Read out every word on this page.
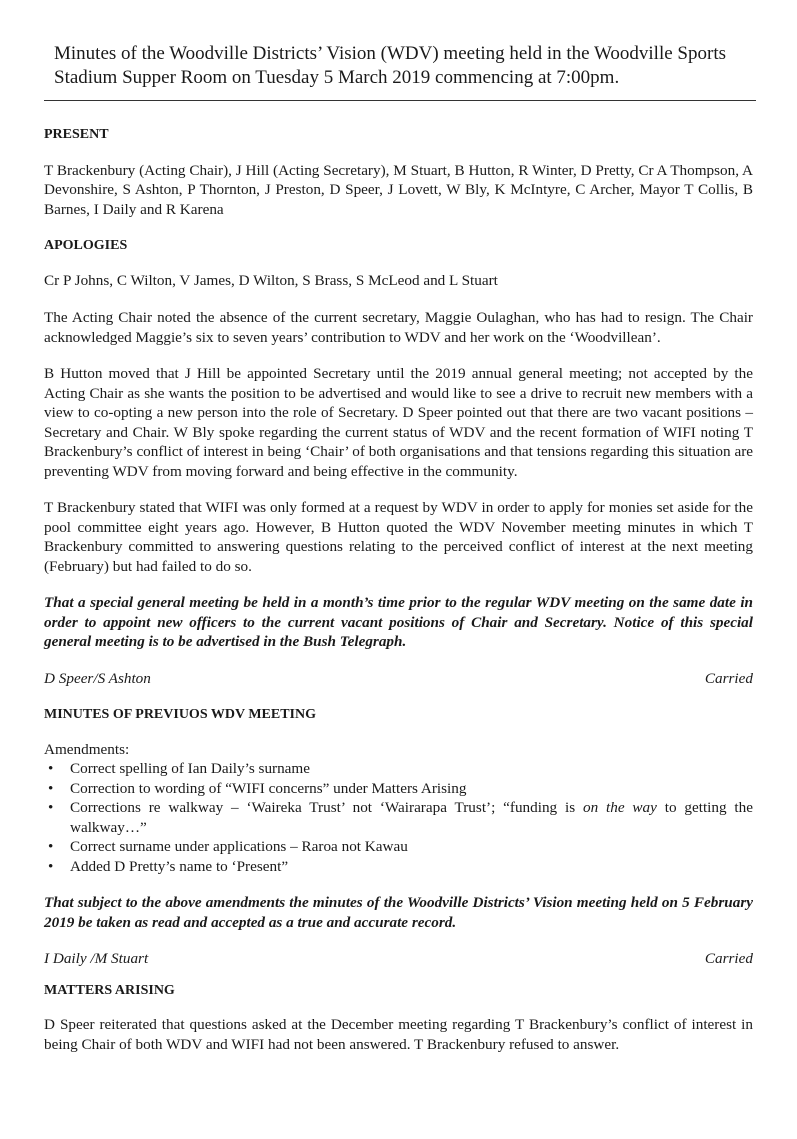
Minutes of the Woodville Districts’ Vision (WDV) meeting held in the Woodville Sports
Stadium Supper Room on Tuesday 5 March 2019 commencing at 7:00pm.

PRESENT

T Brackenbury (Acting Chair), J Hill (Acting Secretary), M Stuart, B Hutton, R Winter, D Pretty, Cr A Thompson, A Devonshire, S Ashton, P Thornton, J Preston, D Speer, J Lovett, W Bly, K McIntyre, C Archer, Mayor T Collis, B Barnes, I Daily and R Karena

APOLOGIES

Cr P Johns, C Wilton, V James, D Wilton, S Brass, S McLeod and L Stuart

The Acting Chair noted the absence of the current secretary, Maggie Oulaghan, who has had to resign. The Chair acknowledged Maggie’s six to seven years’ contribution to WDV and her work on the ‘Woodvillean’.

B Hutton moved that J Hill be appointed Secretary until the 2019 annual general meeting; not accepted by the Acting Chair as she wants the position to be advertised and would like to see a drive to recruit new members with a view to co-opting a new person into the role of Secretary. D Speer pointed out that there are two vacant positions – Secretary and Chair. W Bly spoke regarding the current status of WDV and the recent formation of WIFI noting T Brackenbury’s conflict of interest in being ‘Chair’ of both organisations and that tensions regarding this situation are preventing WDV from moving forward and being effective in the community.

T Brackenbury stated that WIFI was only formed at a request by WDV in order to apply for monies set aside for the pool committee eight years ago. However, B Hutton quoted the WDV November meeting minutes in which T Brackenbury committed to answering questions relating to the perceived conflict of interest at the next meeting (February) but had failed to do so.

That a special general meeting be held in a month’s time prior to the regular WDV meeting on the same date in order to appoint new officers to the current vacant positions of Chair and Secretary. Notice of this special general meeting is to be advertised in the Bush Telegraph.

D Speer/S Ashton	Carried

MINUTES OF PREVIUOS WDV MEETING

Amendments:

• Correct spelling of Ian Daily’s surname
• Correction to wording of “WIFI concerns” under Matters Arising
• Corrections re walkway – ‘Waireka Trust’ not ‘Wairarapa Trust’; “funding is on the way to getting the walkway…”
• Correct surname under applications – Raroa not Kawau
• Added D Pretty’s name to ‘Present”

That subject to the above amendments the minutes of the Woodville Districts’ Vision meeting held on 5 February 2019 be taken as read and accepted as a true and accurate record.

I Daily /M Stuart	Carried

MATTERS ARISING

D Speer reiterated that questions asked at the December meeting regarding T Brackenbury’s conflict of interest in being Chair of both WDV and WIFI had not been answered. T Brackenbury refused to answer.
